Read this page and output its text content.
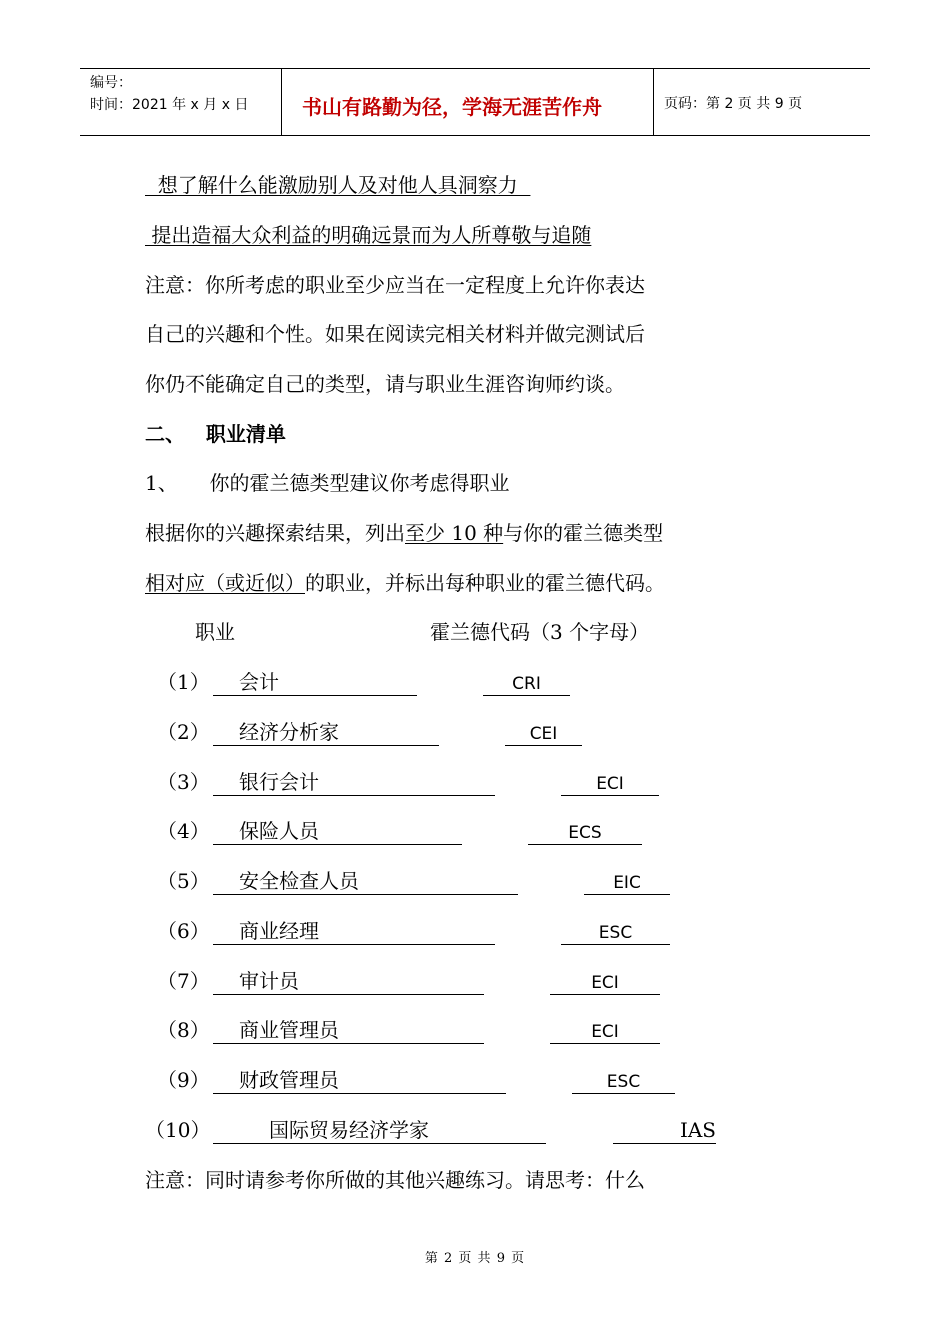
编号：
时间：2021 年 x 月 x 日	书山有路勤为径，学海无涯苦作舟	页码：第 2 页 共 9 页
想了解什么能激励别人及对他人具洞察力
提出造福大众利益的明确远景而为人所尊敬与追随
注意：你所考虑的职业至少应当在一定程度上允许你表达
自己的兴趣和个性。如果在阅读完相关材料并做完测试后
你仍不能确定自己的类型，请与职业生涯咨询师约谈。
二、   职业清单
1、     你的霍兰德类型建议你考虑得职业
根据你的兴趣探索结果，列出至少 10 种与你的霍兰德类型
相对应（或近似）的职业，并标出每种职业的霍兰德代码。
职业	霍兰德代码（3 个字母）
（1）	会计	CRI
（2）	经济分析家	CEI
（3）	银行会计	ECI
（4）	保险人员	ECS
（5）	安全检查人员	EIC
（6）	商业经理	ESC
（7）	审计员	ECI
（8）	商业管理员	ECI
（9）	财政管理员	ESC
（10）	国际贸易经济学家	IAS
注意：同时请参考你所做的其他兴趣练习。请思考：什么
第 2 页 共 9 页
